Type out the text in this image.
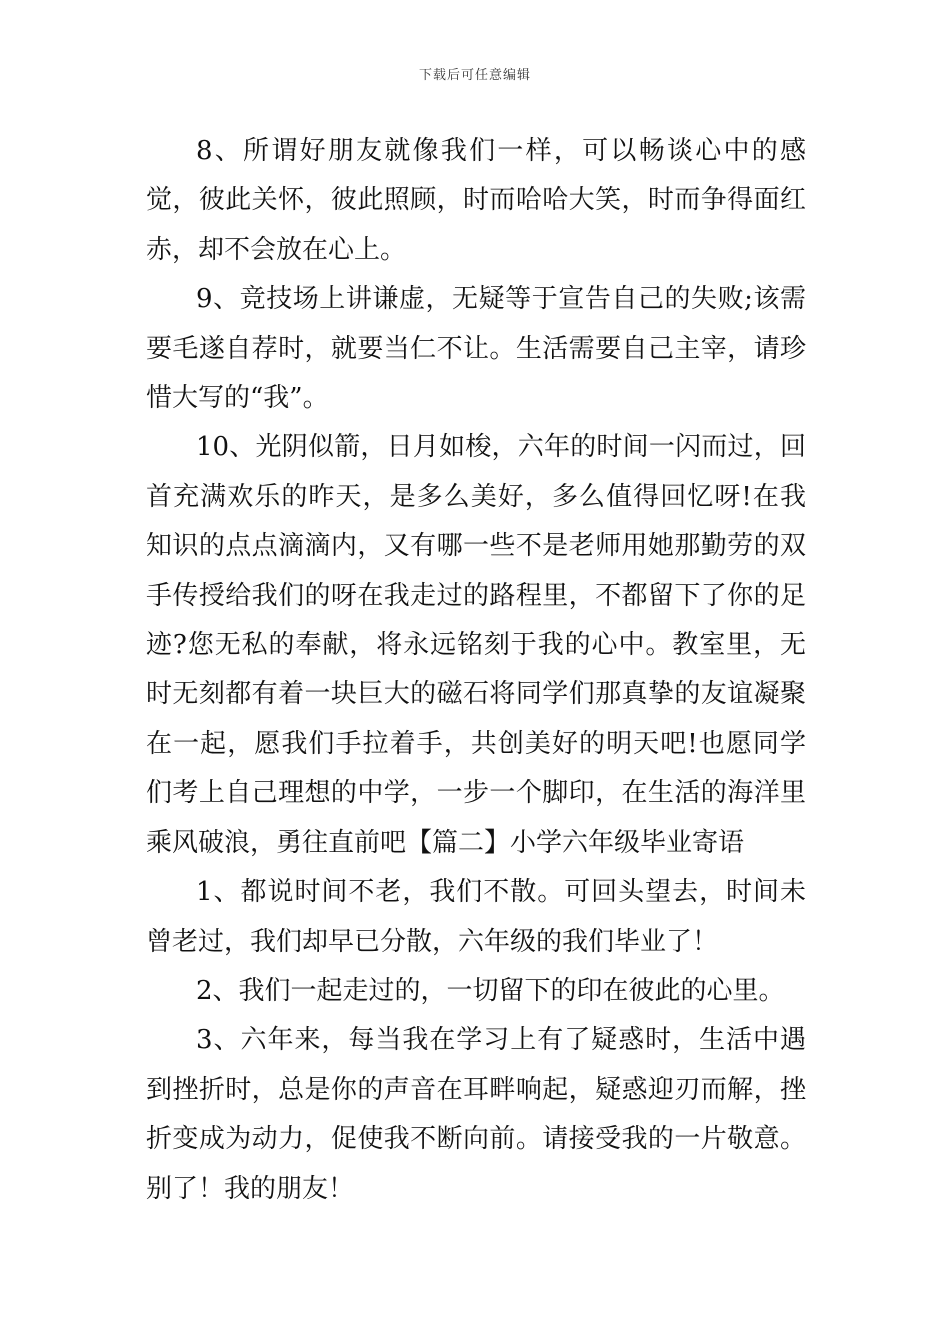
下载后可任意编辑

8、所谓好朋友就像我们一样，可以畅谈心中的感觉，彼此关怀，彼此照顾，时而哈哈大笑，时而争得面红赤，却不会放在心上。

9、竞技场上讲谦虚，无疑等于宣告自己的失败;该需要毛遂自荐时，就要当仁不让。生活需要自己主宰，请珍惜大写的“我”。

10、光阴似箭，日月如梭，六年的时间一闪而过，回首充满欢乐的昨天，是多么美好，多么值得回忆呀!在我知识的点点滴滴内，又有哪一些不是老师用她那勤劳的双手传授给我们的呀在我走过的路程里，不都留下了你的足迹?您无私的奉献，将永远铭刻于我的心中。教室里，无时无刻都有着一块巨大的磁石将同学们那真挚的友谊凝聚在一起，愿我们手拉着手，共创美好的明天吧!也愿同学们考上自己理想的中学，一步一个脚印，在生活的海洋里乘风破浪，勇往直前吧【篇二】小学六年级毕业寄语

1、都说时间不老，我们不散。可回头望去，时间未曾老过，我们却早已分散，六年级的我们毕业了！

2、我们一起走过的，一切留下的印在彼此的心里。

3、六年来，每当我在学习上有了疑惑时，生活中遇到挫折时，总是你的声音在耳畔响起，疑惑迎刃而解，挫折变成为动力，促使我不断向前。请接受我的一片敬意。别了！我的朋友！
